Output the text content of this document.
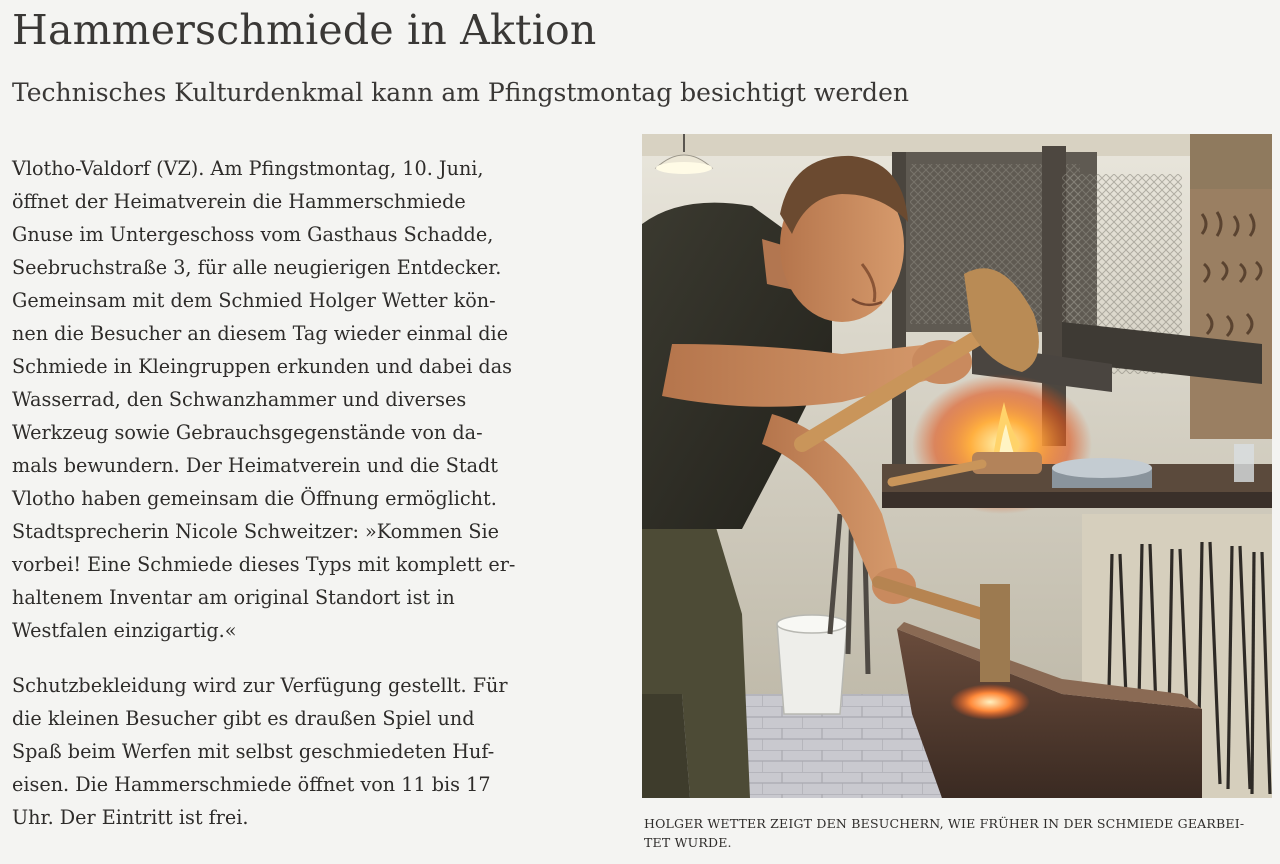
Hammerschmiede in Aktion
Technisches Kulturdenkmal kann am Pfingstmontag besichtigt werden

Vlotho-Valdorf (VZ). Am Pfingstmontag, 10. Juni,
öffnet der Heimatverein die Hammerschmiede
Gnuse im Untergeschoss vom Gasthaus Schadde,
Seebruchstraße 3, für alle neugierigen Entdecker.
Gemeinsam mit dem Schmied Holger Wetter kön-
nen die Besucher an diesem Tag wieder einmal die
Schmiede in Kleingruppen erkunden und dabei das
Wasserrad, den Schwanzhammer und diverses
Werkzeug sowie Gebrauchsgegenstände von da-
mals bewundern. Der Heimatverein und die Stadt
Vlotho haben gemeinsam die Öffnung ermöglicht.
Stadtsprecherin Nicole Schweitzer: »Kommen Sie
vorbei! Eine Schmiede dieses Typs mit komplett er-
haltenem Inventar am original Standort ist in
Westfalen einzigartig.«

Schutzbekleidung wird zur Verfügung gestellt. Für
die kleinen Besucher gibt es draußen Spiel und
Spaß beim Werfen mit selbst geschmiedeten Huf-
eisen. Die Hammerschmiede öffnet von 11 bis 17
Uhr. Der Eintritt ist frei.	HOLGER WETTER ZEIGT DEN BESUCHERN, WIE FRÜHER IN DER SCHMIEDE GEARBEI-
TET WURDE.
